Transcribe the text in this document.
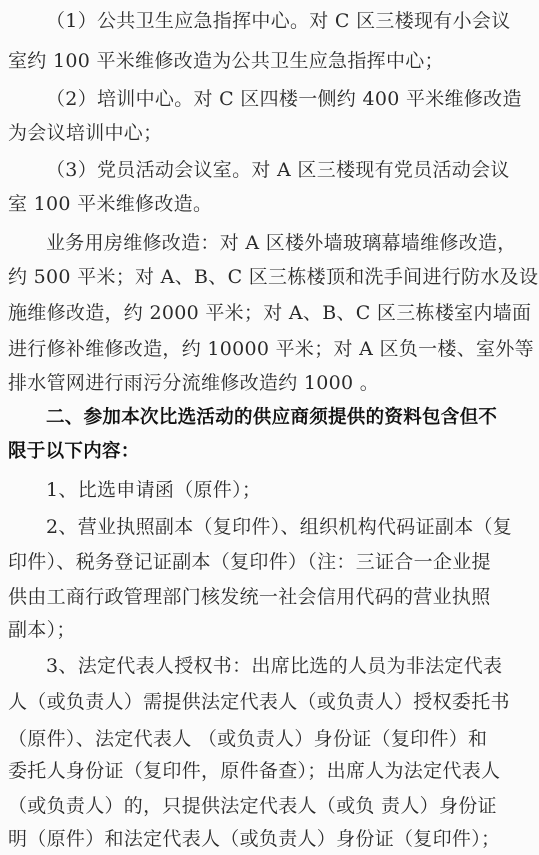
（1）公共卫生应急指挥中心。对 C 区三楼现有小会议
室约 100 平米维修改造为公共卫生应急指挥中心；
（2）培训中心。对 C 区四楼一侧约 400 平米维修改造
为会议培训中心；
（3）党员活动会议室。对 A 区三楼现有党员活动会议
室 100 平米维修改造。
业务用房维修改造：对 A 区楼外墙玻璃幕墙维修改造，
约 500 平米；对 A、B、C 区三栋楼顶和洗手间进行防水及设
施维修改造，约 2000 平米；对 A、B、C 区三栋楼室内墙面
进行修补维修改造，约 10000 平米；对 A 区负一楼、室外等
排水管网进行雨污分流维修改造约 1000 。
二、参加本次比选活动的供应商须提供的资料包含但不
限于以下内容：
1、比选申请函（原件）；
2、营业执照副本（复印件）、组织机构代码证副本（复
印件）、税务登记证副本（复印件）（注：三证合一企业提
供由工商行政管理部门核发统一社会信用代码的营业执照
副本）；
3、法定代表人授权书：出席比选的人员为非法定代表
人（或负责人）需提供法定代表人（或负责人）授权委托书
（原件）、法定代表人 （或负责人）身份证（复印件）和
委托人身份证（复印件，原件备查）；出席人为法定代表人
（或负责人）的，只提供法定代表人（或负 责人）身份证
明（原件）和法定代表人（或负责人）身份证（复印件）；
